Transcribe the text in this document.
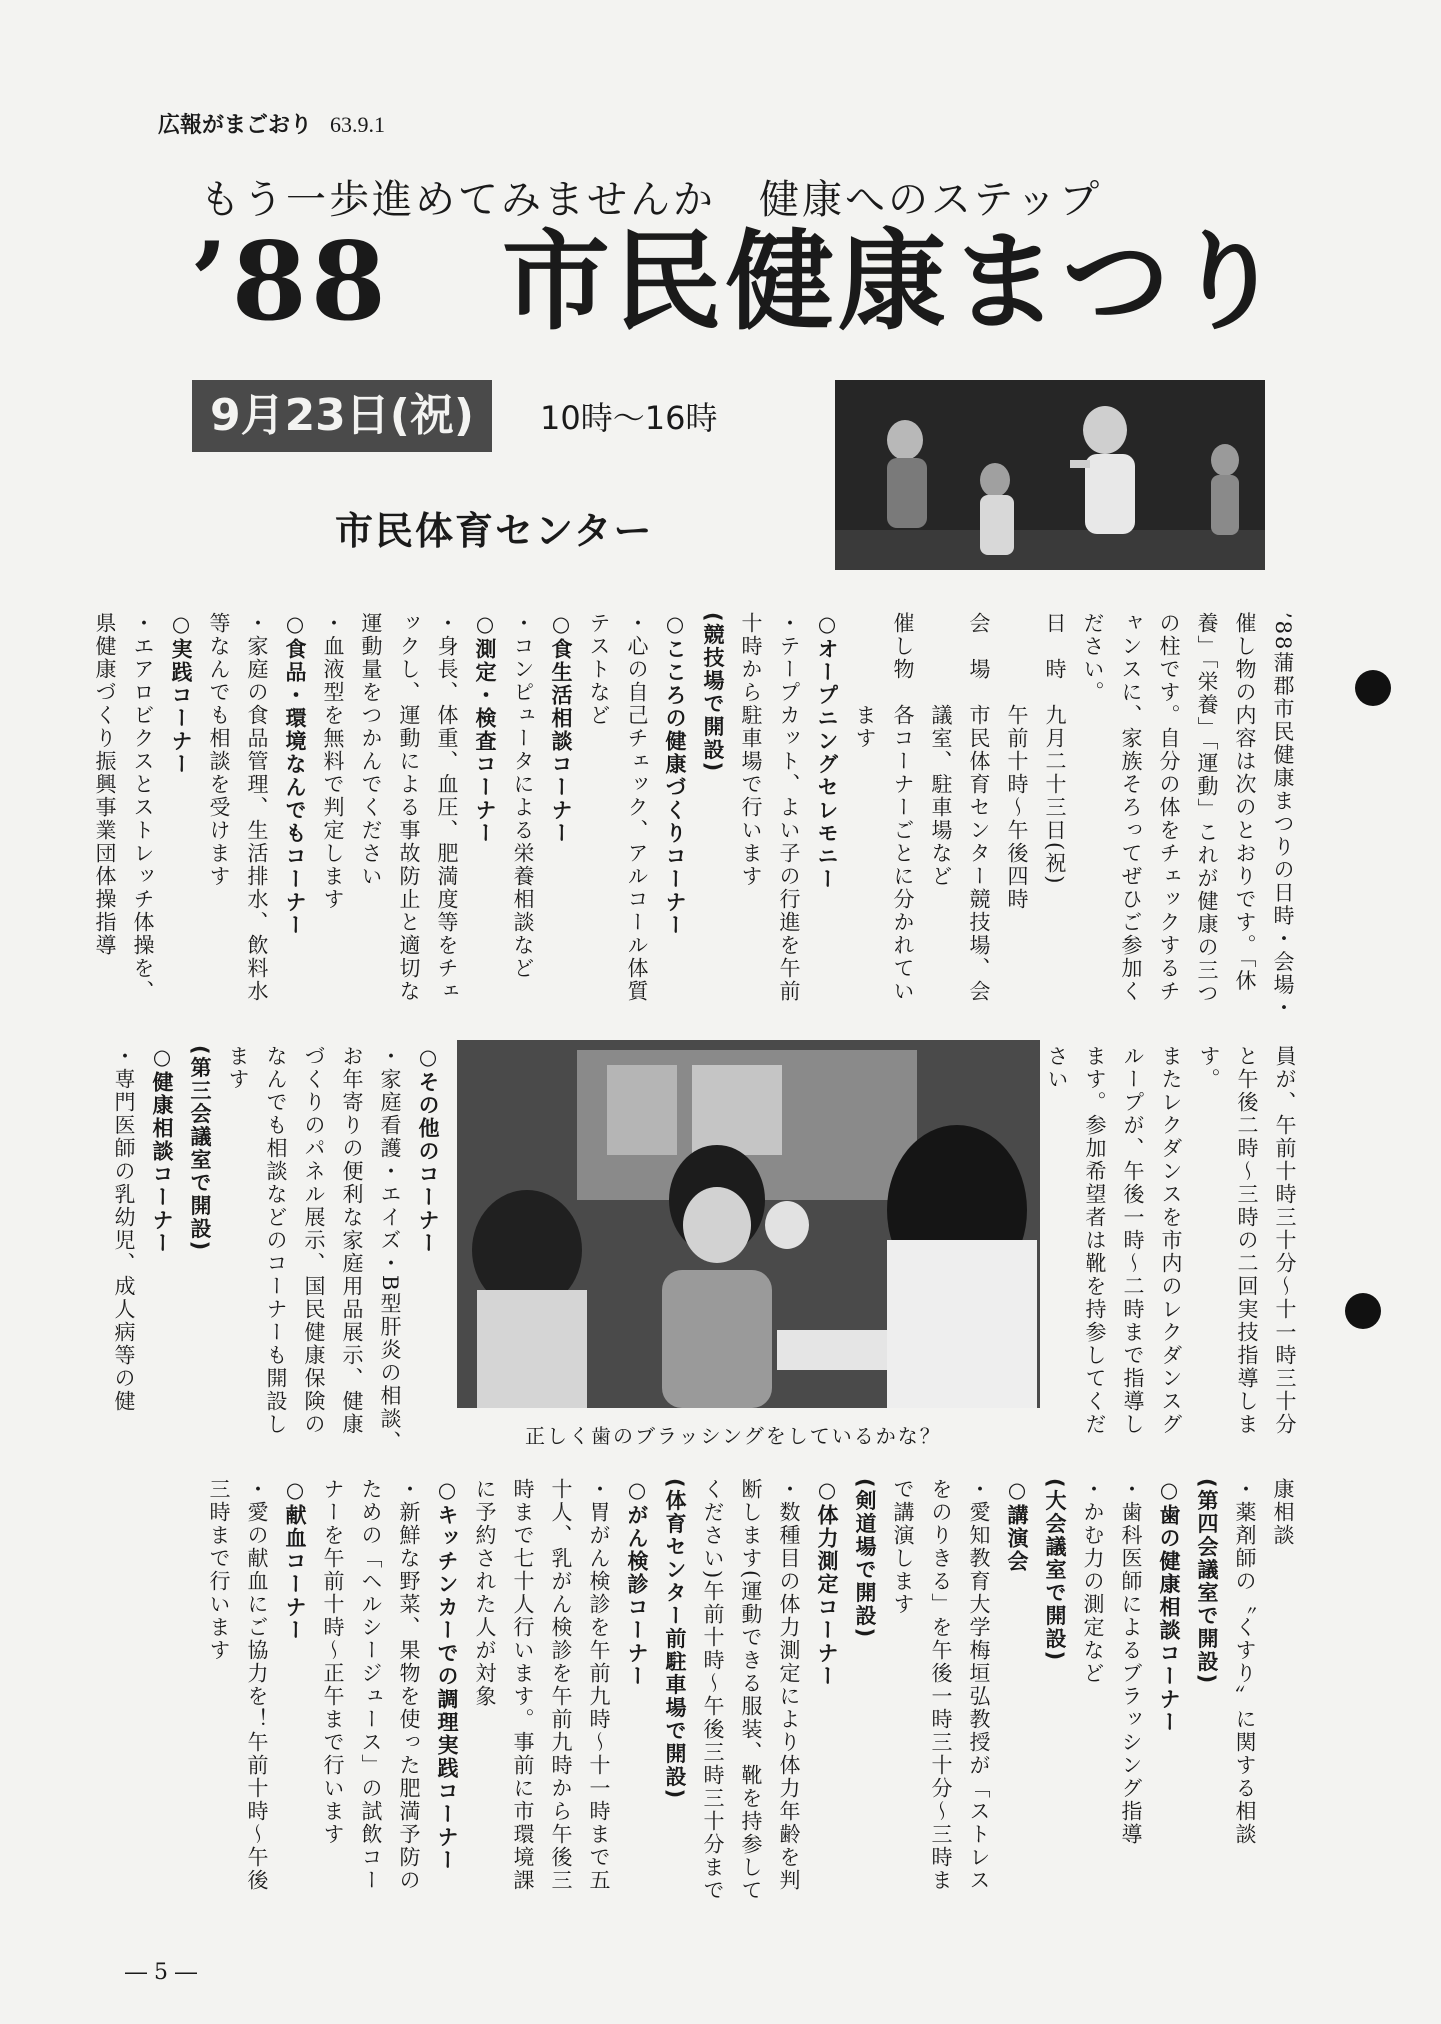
広報がまごおり 63.9.1
もう一歩進めてみませんか　健康へのステップ
’88　市民健康まつり
9月23日(祝)	10時〜16時
市民体育センター
正しく歯のブラッシングをしているかな？

’88蒲郡市民健康まつりの日時・会場・催し物の内容は次のとおりです。「休養」「栄養」「運動」これが健康の三つの柱です。自分の体をチェックするチャンスに、家族そろってぜひご参加ください。

日　時　九月二十三日(祝)

　　　　午前十時〜午後四時

会　場　市民体育センター競技場、会

　　　　議室、駐車場など

催し物　各コーナーごとに分かれてい

　　　　ます

○オープニングセレモニー

・テープカット、よい子の行進を午前十時から駐車場で行います

(競技場で開設)

○こころの健康づくりコーナー

・心の自己チェック、アルコール体質テストなど

○食生活相談コーナー

・コンピュータによる栄養相談など

○測定・検査コーナー

・身長、体重、血圧、肥満度等をチェックし、運動による事故防止と適切な運動量をつかんでください

・血液型を無料で判定します

○食品・環境なんでもコーナー

・家庭の食品管理、生活排水、飲料水等なんでも相談を受けます

○実践コーナー

・エアロビクスとストレッチ体操を、県健康づくり振興事業団体操指導

員が、午前十時三十分〜十一時三十分と午後二時〜三時の二回実技指導します。

またレクダンスを市内のレクダンスグループが、午後一時〜二時まで指導します。参加希望者は靴を持参してください

○その他のコーナー

・家庭看護・エイズ・B型肝炎の相談、お年寄りの便利な家庭用品展示、健康づくりのパネル展示、国民健康保険のなんでも相談などのコーナーも開設します

(第三会議室で開設)

○健康相談コーナー

・専門医師の乳幼児、成人病等の健

康相談

・薬剤師の〝くすり〟に関する相談

(第四会議室で開設)

○歯の健康相談コーナー

・歯科医師によるブラッシング指導

・かむ力の測定など

(大会議室で開設)

○講演会

・愛知教育大学梅垣弘教授が「ストレスをのりきる」を午後一時三十分〜三時まで講演します

(剣道場で開設)

○体力測定コーナー

・数種目の体力測定により体力年齢を判断します(運動できる服装、靴を持参してください)午前十時〜午後三時三十分まで

(体育センター前駐車場で開設)

○がん検診コーナー

・胃がん検診を午前九時〜十一時まで五十人、乳がん検診を午前九時から午後三時まで七十人行います。事前に市環境課に予約された人が対象

○キッチンカーでの調理実践コーナー

・新鮮な野菜、果物を使った肥満予防のための「ヘルシージュース」の試飲コーナーを午前十時〜正午まで行います

○献血コーナー

・愛の献血にご協力を！午前十時〜午後三時まで行います

― 5 ―
